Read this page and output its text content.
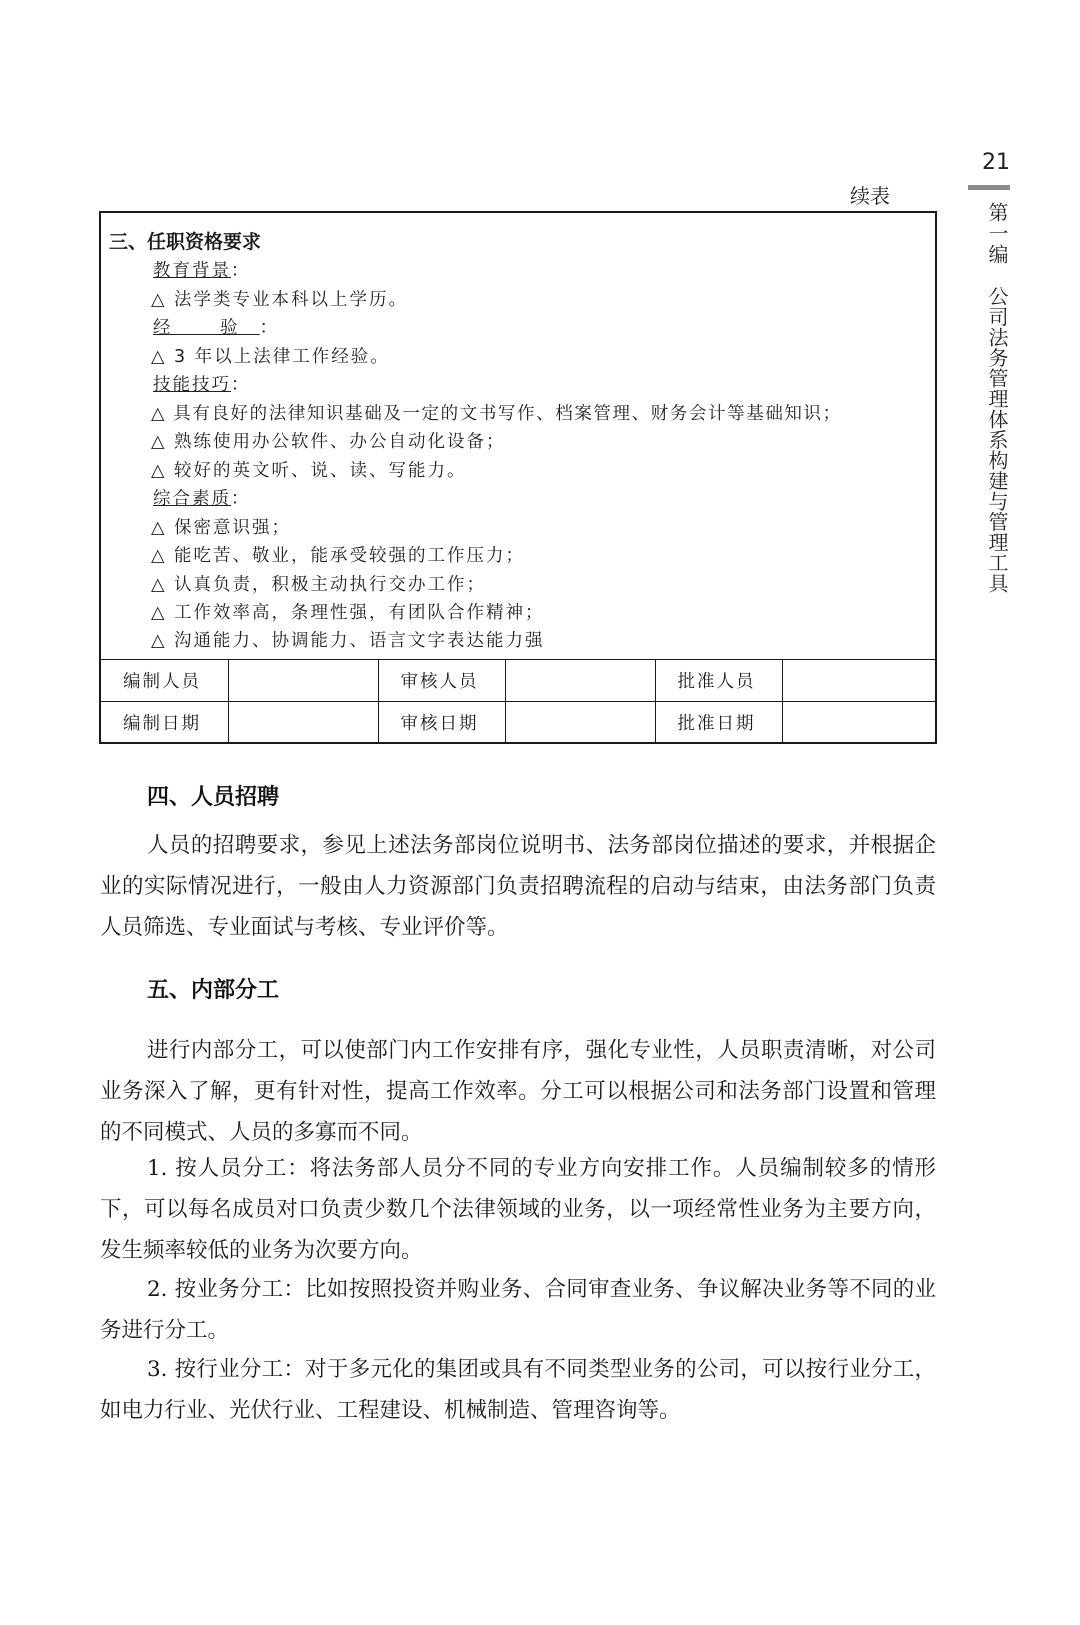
21
第一编
公司法务管理体系构建与管理工具
续表
三、任职资格要求
教育背景：
△ 法学类专业本科以上学历。
经 验：
△ 3 年以上法律工作经验。
技能技巧：
△ 具有良好的法律知识基础及一定的文书写作、档案管理、财务会计等基础知识；
△ 熟练使用办公软件、办公自动化设备；
△ 较好的英文听、说、读、写能力。
综合素质：
△ 保密意识强；
△ 能吃苦、敬业，能承受较强的工作压力；
△ 认真负责，积极主动执行交办工作；
△ 工作效率高，条理性强，有团队合作精神；
△ 沟通能力、协调能力、语言文字表达能力强
编制人员		审核人员		批准人员	
编制日期		审核日期		批准日期	
四、人员招聘
人员的招聘要求，参见上述法务部岗位说明书、法务部岗位描述的要求，并根据企业的实际情况进行，一般由人力资源部门负责招聘流程的启动与结束，由法务部门负责人员筛选、专业面试与考核、专业评价等。
五、内部分工
进行内部分工，可以使部门内工作安排有序，强化专业性，人员职责清晰，对公司业务深入了解，更有针对性，提高工作效率。分工可以根据公司和法务部门设置和管理的不同模式、人员的多寡而不同。
1. 按人员分工：将法务部人员分不同的专业方向安排工作。人员编制较多的情形下，可以每名成员对口负责少数几个法律领域的业务，以一项经常性业务为主要方向，发生频率较低的业务为次要方向。
2. 按业务分工：比如按照投资并购业务、合同审查业务、争议解决业务等不同的业务进行分工。
3. 按行业分工：对于多元化的集团或具有不同类型业务的公司，可以按行业分工，如电力行业、光伏行业、工程建设、机械制造、管理咨询等。
